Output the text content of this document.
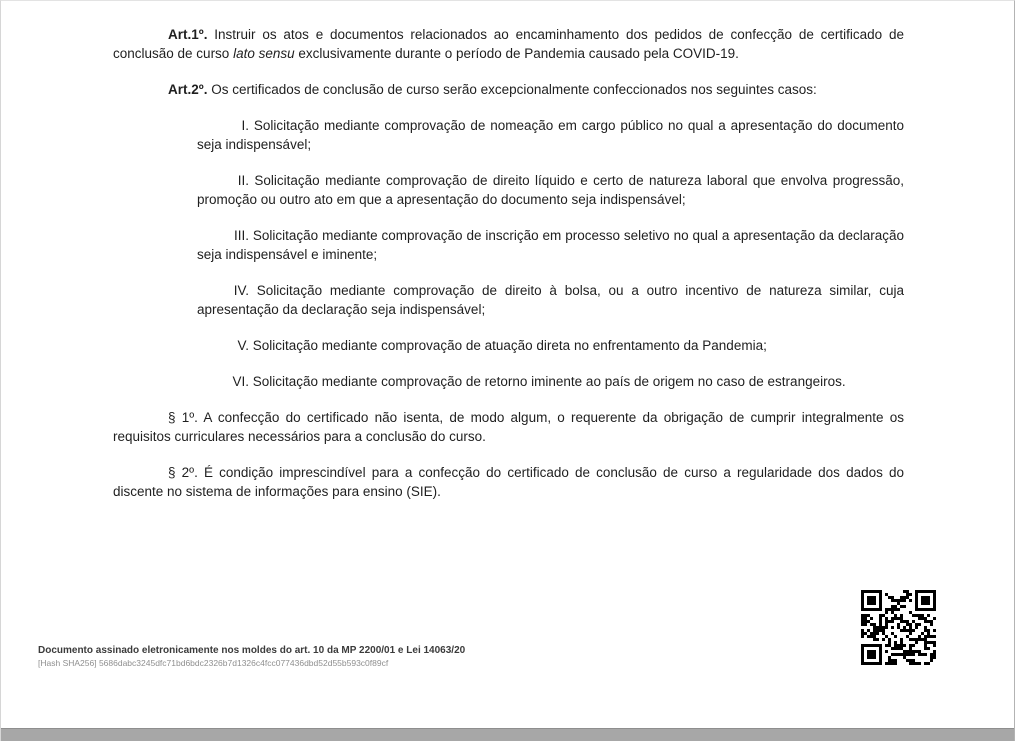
Art.1º. Instruir os atos e documentos relacionados ao encaminhamento dos pedidos de confecção de certificado de conclusão de curso lato sensu exclusivamente durante o período de Pandemia causado pela COVID-19.

Art.2º. Os certificados de conclusão de curso serão excepcionalmente confeccionados nos seguintes casos:

I. Solicitação mediante comprovação de nomeação em cargo público no qual a apresentação do documento seja indispensável;

II. Solicitação mediante comprovação de direito líquido e certo de natureza laboral que envolva progressão, promoção ou outro ato em que a apresentação do documento seja indispensável;

III. Solicitação mediante comprovação de inscrição em processo seletivo no qual a apresentação da declaração seja indispensável e iminente;

IV. Solicitação mediante comprovação de direito à bolsa, ou a outro incentivo de natureza similar, cuja apresentação da declaração seja indispensável;

V. Solicitação mediante comprovação de atuação direta no enfrentamento da Pandemia;

VI. Solicitação mediante comprovação de retorno iminente ao país de origem no caso de estrangeiros.

§ 1º. A confecção do certificado não isenta, de modo algum, o requerente da obrigação de cumprir integralmente os requisitos curriculares necessários para a conclusão do curso.

§ 2º. É condição imprescindível para a confecção do certificado de conclusão de curso a regularidade dos dados do discente no sistema de informações para ensino (SIE).

Documento assinado eletronicamente nos moldes do art. 10 da MP 2200/01 e Lei 14063/20
[Hash SHA256] 5686dabc3245dfc71bd6bdc2326b7d1326c4fcc077436dbd52d55b593c0f89cf
